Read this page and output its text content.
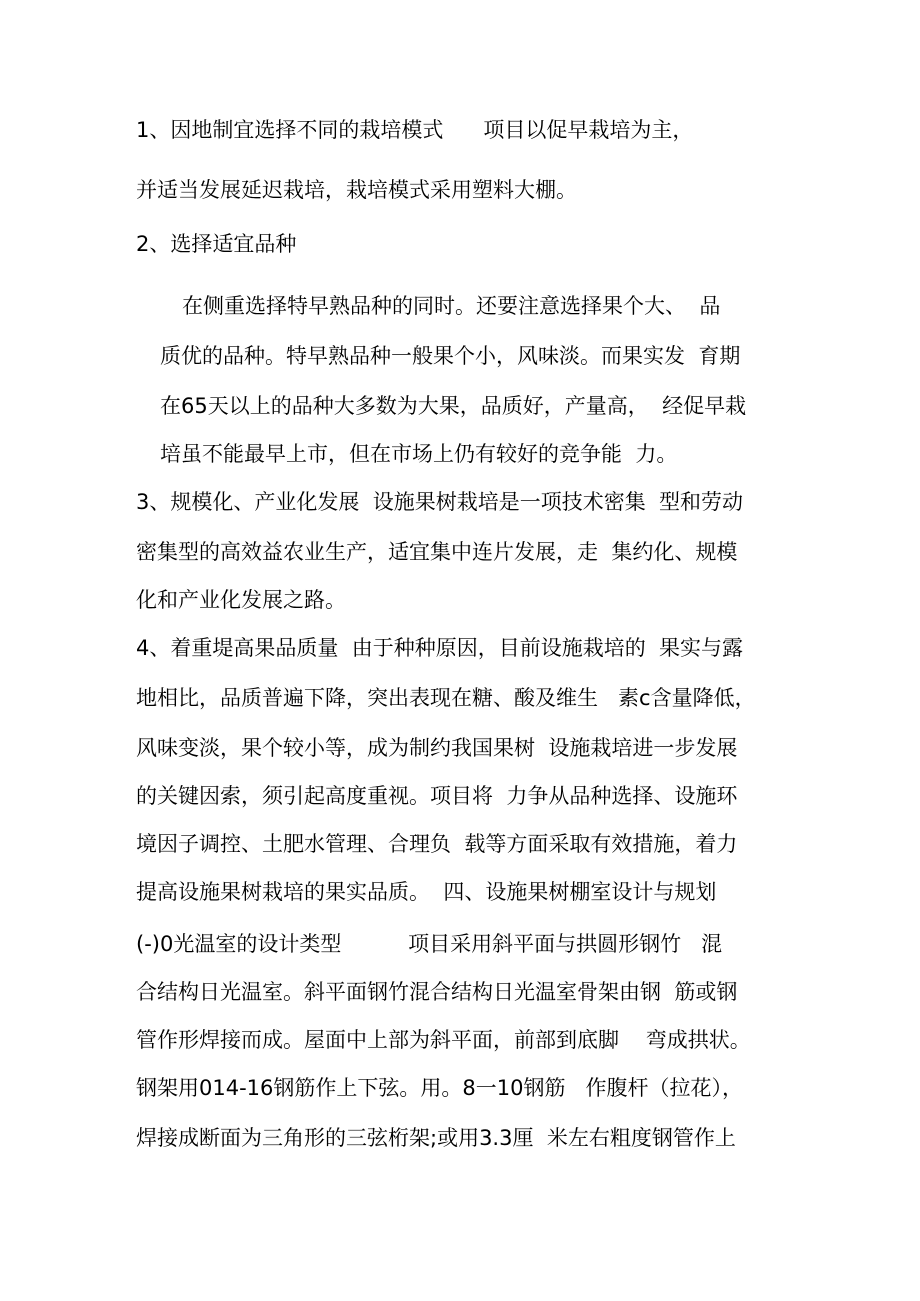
1、因地制宜选择不同的栽培模式      项目以促早栽培为主，

并适当发展延迟栽培，栽培模式采用塑料大棚。

2、选择适宜品种

在侧重选择特早熟品种的同时。还要注意选择果个大、  品

质优的品种。特早熟品种一般果个小，风味淡。而果实发  育期

在65天以上的品种大多数为大果，品质好，产量高，  经促早栽

培虽不能最早上市，但在市场上仍有较好的竞争能  力。

3、规模化、产业化发展  设施果树栽培是一项技术密集  型和劳动

密集型的高效益农业生产，适宜集中连片发展，走  集约化、规模

化和产业化发展之路。

4、着重堤高果品质量  由于种种原因，目前设施栽培的  果实与露

地相比，品质普遍下降，突出表现在糖、酸及维生   素c含量降低，

风味变淡，果个较小等，成为制约我国果树  设施栽培进一步发展

的关键因索，须引起高度重视。项目将  力争从品种选择、设施环

境因子调控、土肥水管理、合理负  载等方面采取有效措施，着力

提高设施果树栽培的果实品质。  四、设施果树棚室设计与规划

(-)0光温室的设计类型          项目采用斜平面与拱圆形钢竹   混

合结构日光温室。斜平面钢竹混合结构日光温室骨架由钢  筋或钢

管作形焊接而成。屋面中上部为斜平面，前部到底脚    弯成拱状。

钢架用014-16钢筋作上下弦。用。8一10钢筋   作腹杆（拉花），

焊接成断面为三角形的三弦桁架;或用3.3厘  米左右粗度钢管作上
